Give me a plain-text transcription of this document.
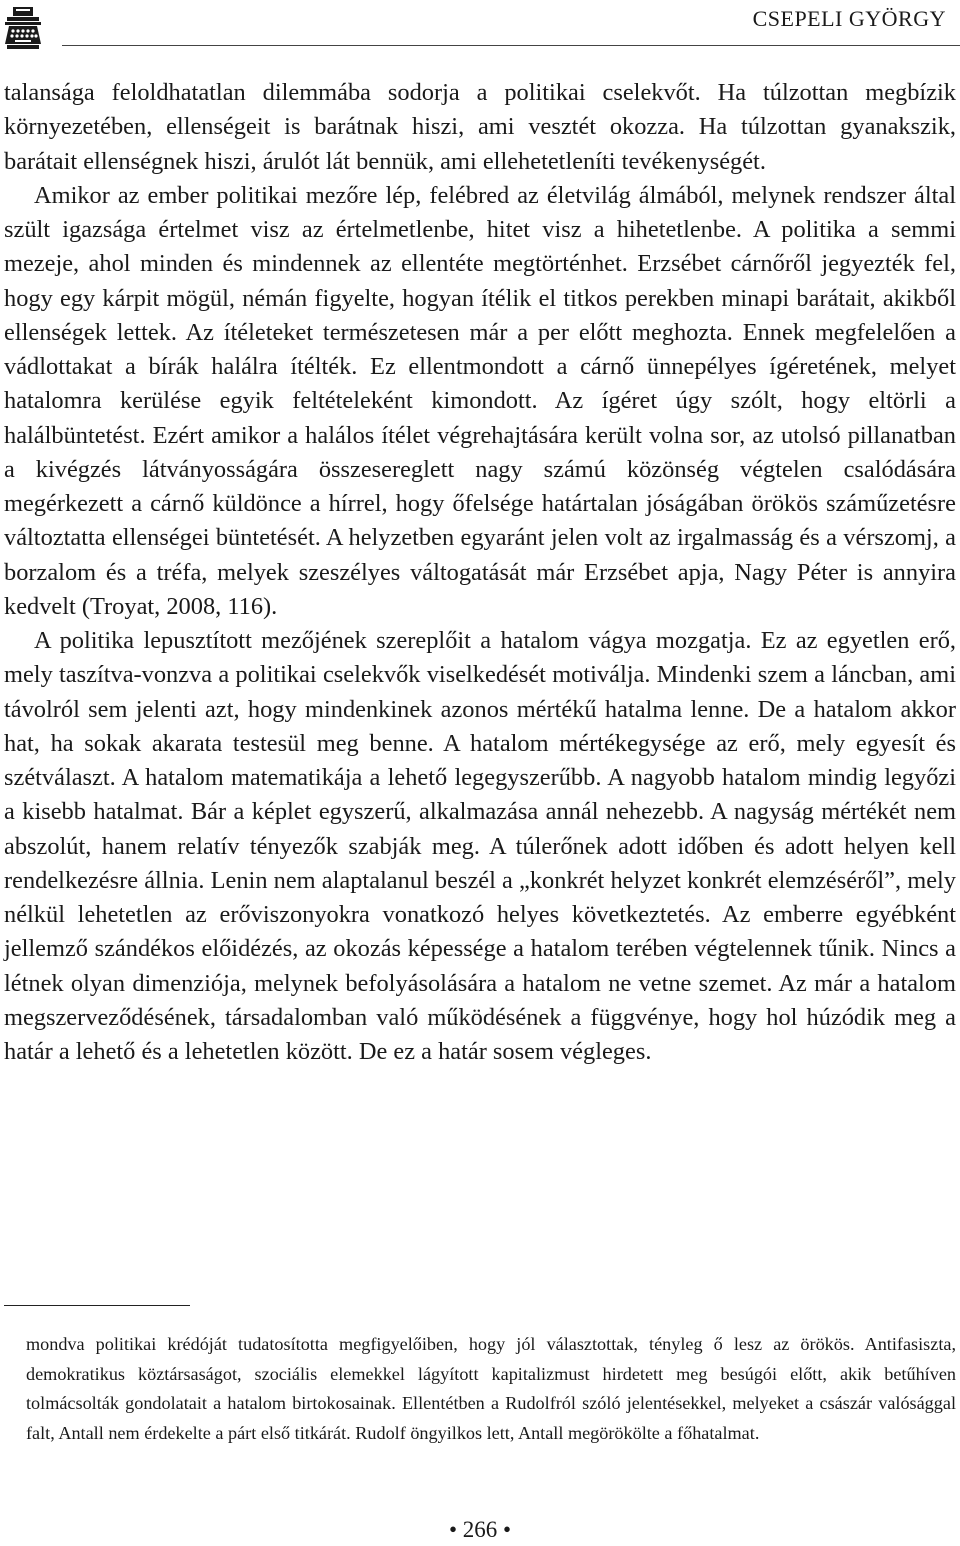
CSEPELI GYÖRGY

talansága feloldhatatlan dilemmába sodorja a politikai cselekvőt. Ha túlzottan megbízik környezetében, ellenségeit is barátnak hiszi, ami vesztét okozza. Ha túlzottan gyanakszik, barátait ellenségnek hiszi, árulót lát bennük, ami ellehetetleníti tevékenységét.

Amikor az ember politikai mezőre lép, felébred az életvilág álmából, melynek rendszer által szült igazsága értelmet visz az értelmetlenbe, hitet visz a hihetetlenbe. A politika a semmi mezeje, ahol minden és mindennek az ellentéte megtörténhet. Erzsébet cárnőről jegyezték fel, hogy egy kárpit mögül, némán figyelte, hogyan ítélik el titkos perekben minapi barátait, akikből ellenségek lettek. Az ítéleteket természetesen már a per előtt meghozta. Ennek megfelelően a vádlottakat a bírák halálra ítélték. Ez ellentmondott a cárnő ünnepélyes ígéretének, melyet hatalomra kerülése egyik feltételeként kimondott. Az ígéret úgy szólt, hogy eltörli a halálbüntetést. Ezért amikor a halálos ítélet végrehajtására került volna sor, az utolsó pillanatban a kivégzés látványosságára összesereglett nagy számú közönség végtelen csalódására megérkezett a cárnő küldönce a hírrel, hogy őfelsége határtalan jóságában örökös száműzetésre változtatta ellenségei büntetését. A helyzetben egyaránt jelen volt az irgalmasság és a vérszomj, a borzalom és a tréfa, melyek szeszélyes váltogatását már Erzsébet apja, Nagy Péter is annyira kedvelt (Troyat, 2008, 116).

A politika lepusztított mezőjének szereplőit a hatalom vágya mozgatja. Ez az egyetlen erő, mely taszítva-vonzva a politikai cselekvők viselkedését motiválja. Mindenki szem a láncban, ami távolról sem jelenti azt, hogy mindenkinek azonos mértékű hatalma lenne. De a hatalom akkor hat, ha sokak akarata testesül meg benne. A hatalom mértékegysége az erő, mely egyesít és szétválaszt. A hatalom matematikája a lehető legegyszerűbb. A nagyobb hatalom mindig legyőzi a kisebb hatalmat. Bár a képlet egyszerű, alkalmazása annál nehezebb. A nagyság mértékét nem abszolút, hanem relatív tényezők szabják meg. A túlerőnek adott időben és adott helyen kell rendelkezésre állnia. Lenin nem alaptalanul beszél a „konkrét helyzet konkrét elemzéséről”, mely nélkül lehetetlen az erőviszonyokra vonatkozó helyes következtetés. Az emberre egyébként jellemző szándékos előidézés, az okozás képessége a hatalom terében végtelennek tűnik. Nincs a létnek olyan dimenziója, melynek befolyásolására a hatalom ne vetne szemet. Az már a hatalom megszerveződésének, társadalomban való működésének a függvénye, hogy hol húzódik meg a határ a lehető és a lehetetlen között. De ez a határ sosem végleges.

mondva politikai krédóját tudatosította megfigyelőiben, hogy jól választottak, tényleg ő lesz az örökös. Antifasiszta, demokratikus köztársaságot, szociális elemekkel lágyított kapitalizmust hirdetett meg besúgói előtt, akik betűhíven tolmácsolták gondolatait a hatalom birtokosainak. Ellentétben a Rudolfról szóló jelentésekkel, melyeket a császár valósággal falt, Antall nem érdekelte a párt első titkárát. Rudolf öngyilkos lett, Antall megörökölte a főhatalmat.
• 266 •
